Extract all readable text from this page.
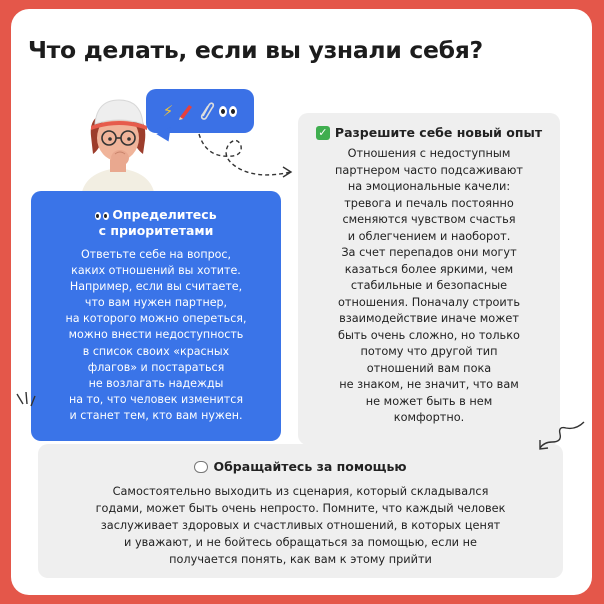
Что делать, если вы узнали себя?
⚡
Определитесь
с приоритетами
Ответьте себе на вопрос,
каких отношений вы хотите.
Например, если вы считаете,
что вам нужен партнер,
на которого можно опереться,
можно внести недоступность
в список своих «красных
флагов» и постараться
не возлагать надежды
на то, что человек изменится
и станет тем, кто вам нужен.
✓ Разрешите себе новый опыт
Отношения с недоступным
партнером часто подсаживают
на эмоциональные качели:
тревога и печаль постоянно
сменяются чувством счастья
и облегчением и наоборот.
За счет перепадов они могут
казаться более яркими, чем
стабильные и безопасные
отношения. Поначалу строить
взаимодействие иначе может
быть очень сложно, но только
потому что другой тип
отношений вам пока
не знаком, не значит, что вам
не может быть в нем
комфортно.
Обращайтесь за помощью
Самостоятельно выходить из сценария, который складывался
годами, может быть очень непросто. Помните, что каждый человек
заслуживает здоровых и счастливых отношений, в которых ценят
и уважают, и не бойтесь обращаться за помощью, если не
получается понять, как вам к этому прийти
